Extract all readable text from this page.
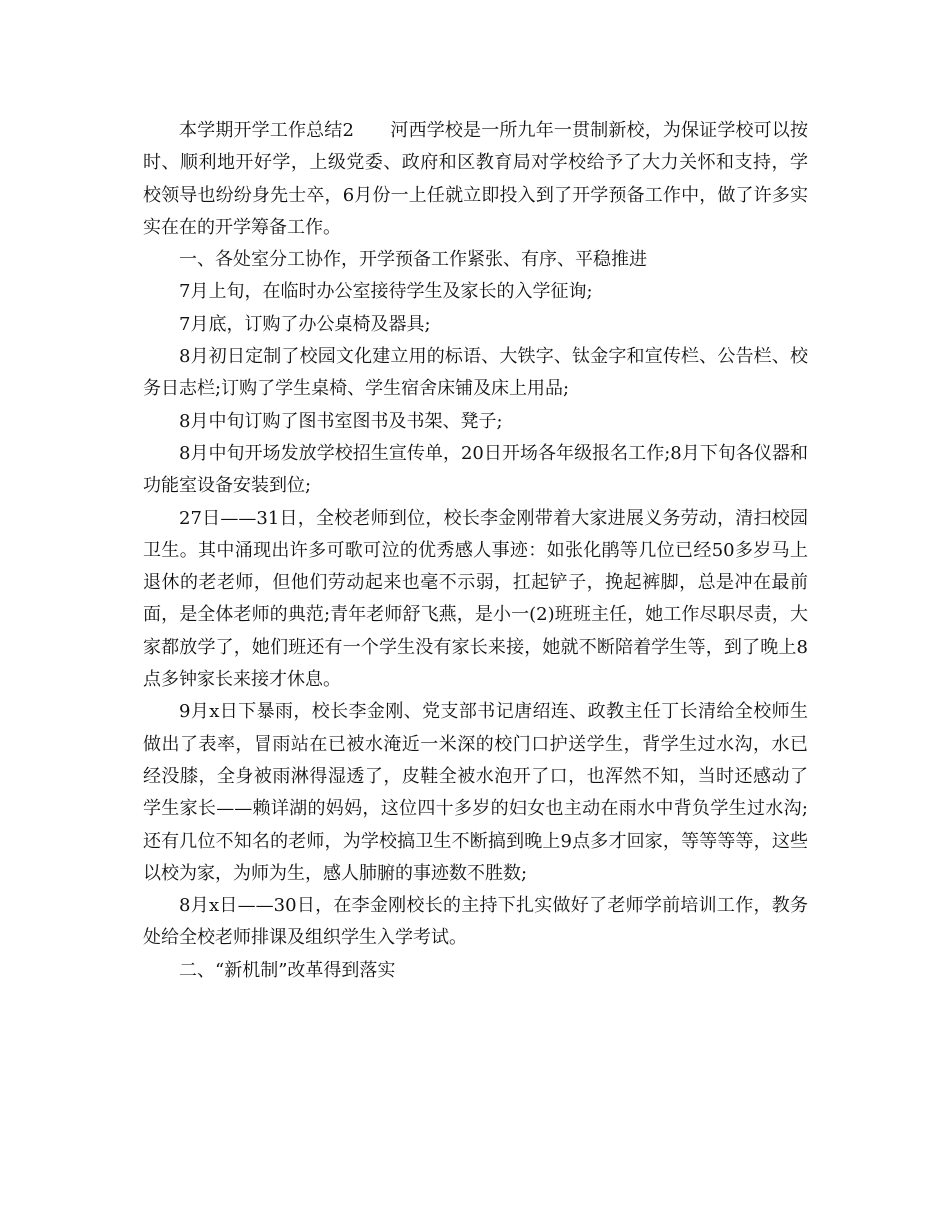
本学期开学工作总结2　　河西学校是一所九年一贯制新校，为保证学校可以按时、顺利地开好学，上级党委、政府和区教育局对学校给予了大力关怀和支持，学校领导也纷纷身先士卒，6月份一上任就立即投入到了开学预备工作中，做了许多实实在在的开学筹备工作。

一、各处室分工协作，开学预备工作紧张、有序、平稳推进

7月上旬，在临时办公室接待学生及家长的入学征询;

7月底，订购了办公桌椅及器具;

8月初日定制了校园文化建立用的标语、大铁字、钛金字和宣传栏、公告栏、校务日志栏;订购了学生桌椅、学生宿舍床铺及床上用品;

8月中旬订购了图书室图书及书架、凳子;

8月中旬开场发放学校招生宣传单，20日开场各年级报名工作;8月下旬各仪器和功能室设备安装到位;

27日——31日，全校老师到位，校长李金刚带着大家进展义务劳动，清扫校园卫生。其中涌现出许多可歌可泣的优秀感人事迹：如张化鹃等几位已经50多岁马上退休的老老师，但他们劳动起来也毫不示弱，扛起铲子，挽起裤脚，总是冲在最前面，是全体老师的典范;青年老师舒飞燕，是小一(2)班班主任，她工作尽职尽责，大家都放学了，她们班还有一个学生没有家长来接，她就不断陪着学生等，到了晚上8点多钟家长来接才休息。

9月x日下暴雨，校长李金刚、党支部书记唐绍连、政教主任丁长清给全校师生做出了表率，冒雨站在已被水淹近一米深的校门口护送学生，背学生过水沟，水已经没膝，全身被雨淋得湿透了，皮鞋全被水泡开了口，也浑然不知，当时还感动了学生家长——赖详湖的妈妈，这位四十多岁的妇女也主动在雨水中背负学生过水沟;还有几位不知名的老师，为学校搞卫生不断搞到晚上9点多才回家，等等等等，这些以校为家，为师为生，感人肺腑的事迹数不胜数;

8月x日——30日，在李金刚校长的主持下扎实做好了老师学前培训工作，教务处给全校老师排课及组织学生入学考试。

二、“新机制”改革得到落实
